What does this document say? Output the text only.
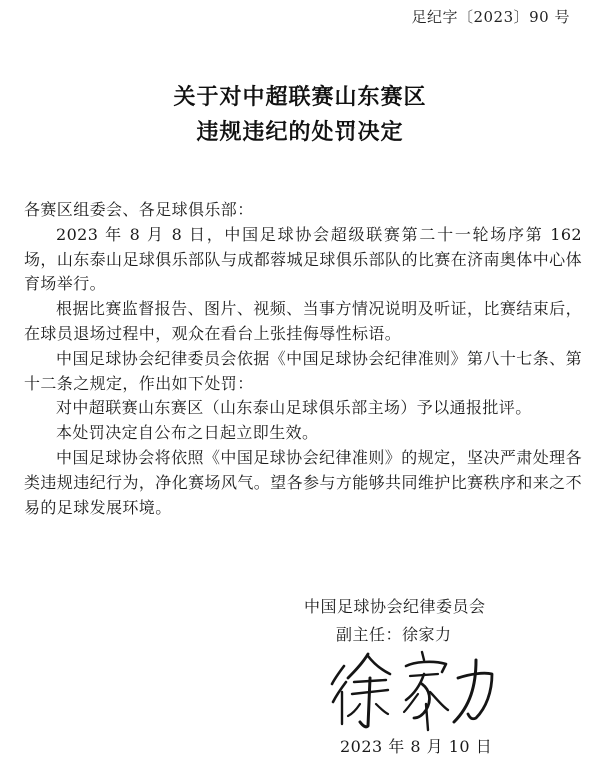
足纪字〔2023〕90 号
关于对中超联赛山东赛区
违规违纪的处罚决定

各赛区组委会、各足球俱乐部：

2023 年 8 月 8 日，中国足球协会超级联赛第二十一轮场序第 162 场，山东泰山足球俱乐部队与成都蓉城足球俱乐部队的比赛在济南奥体中心体育场举行。

根据比赛监督报告、图片、视频、当事方情况说明及听证，比赛结束后，在球员退场过程中，观众在看台上张挂侮辱性标语。

中国足球协会纪律委员会依据《中国足球协会纪律准则》第八十七条、第十二条之规定，作出如下处罚：

对中超联赛山东赛区（山东泰山足球俱乐部主场）予以通报批评。

本处罚决定自公布之日起立即生效。

中国足球协会将依照《中国足球协会纪律准则》的规定，坚决严肃处理各类违规违纪行为，净化赛场风气。望各参与方能够共同维护比赛秩序和来之不易的足球发展环境。

中国足球协会纪律委员会
副主任：徐家力
2023 年 8 月 10 日
